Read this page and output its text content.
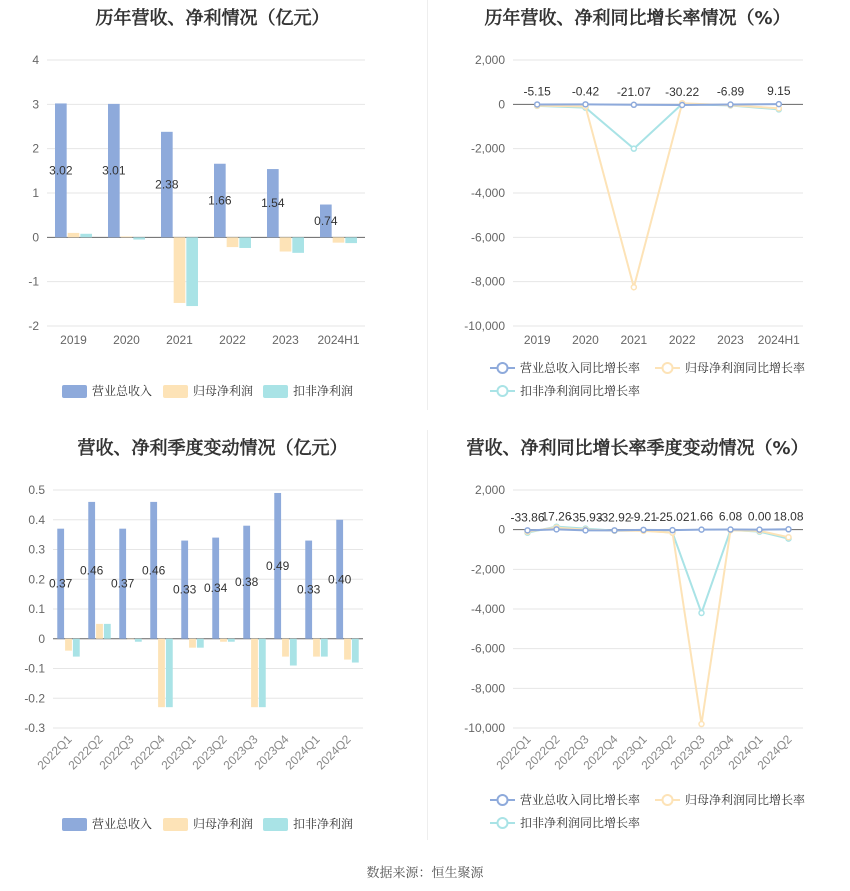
历年营收、净利情况（亿元）
-2
-1
0
1
2
3
4
2019 2020 2021 2022 2023 2024H1
3.02 3.01
2.38
1.66 1.54
0.74
营业总收入	归母净利润	扣非净利润
历年营收、净利同比增长率情况（%）
-10,000
-8,000
-6,000
-4,000
-2,000
0
2,000
2019 2020 2021 2022 2023 2024H1
-5.15 -0.42 -21.07 -30.22 -6.89 9.15
营业总收入同比增长率	归母净利润同比增长率
扣非净利润同比增长率
营收、净利季度变动情况（亿元）
-0.3
-0.2
-0.1
0
0.1
0.2
0.3
0.4
0.5
2022Q1
2022Q2
2022Q3
2022Q4
2023Q1
2023Q2
2023Q3
2023Q4
2024Q1
2024Q2
0.37
0.46
0.37
0.46
0.33 0.34 0.38
0.49
0.33
0.40
营业总收入	归母净利润	扣非净利润
营收、净利同比增长率季度变动情况（%）
-10,000
-8,000
-6,000
-4,000
-2,000
0
2,000
2022Q1
2022Q2
2022Q3
2022Q4
2023Q1
2023Q2
2023Q3
2023Q4
2024Q1
2024Q2
-33.86
17.26
-35.93
-32.92
-9.21
-25.02 1.66 6.08 0.00 18.08
营业总收入同比增长率	归母净利润同比增长率
扣非净利润同比增长率
数据来源：恒生聚源
